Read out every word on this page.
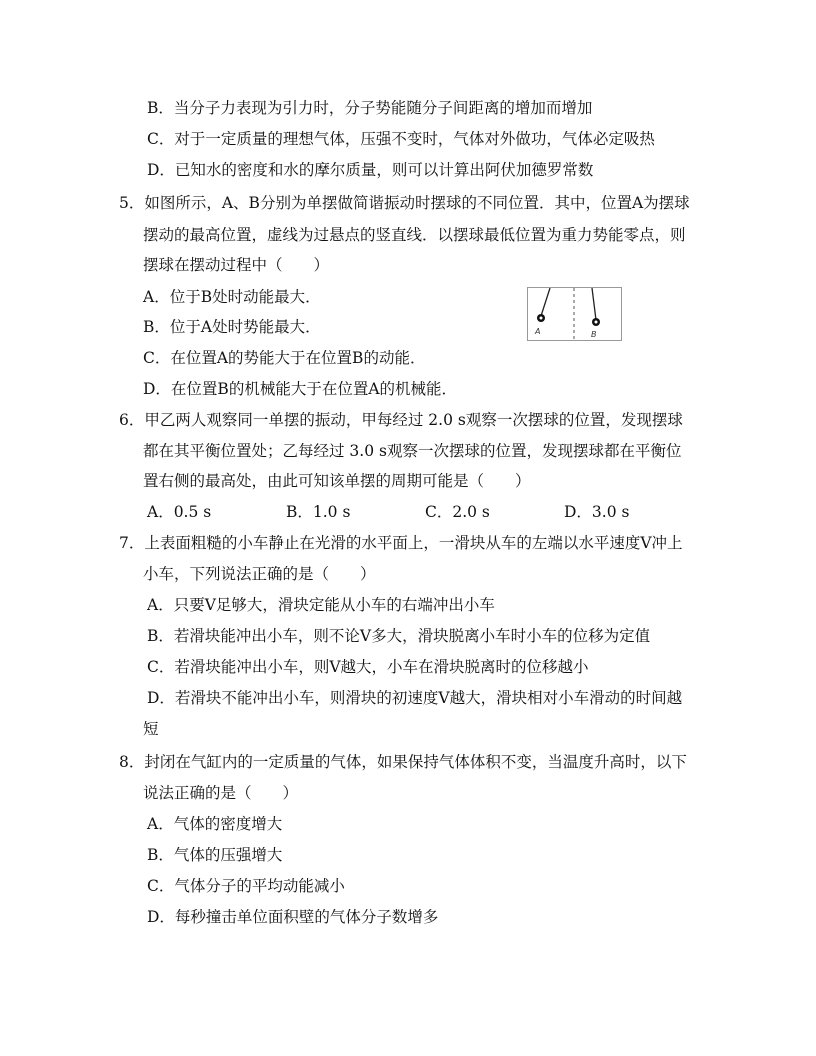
B．当分子力表现为引力时，分子势能随分子间距离的增加而增加
C．对于一定质量的理想气体，压强不变时，气体对外做功，气体必定吸热
D．已知水的密度和水的摩尔质量，则可以计算出阿伏加德罗常数
5．如图所示，A、B分别为单摆做简谐振动时摆球的不同位置．其中，位置A为摆球
摆动的最高位置，虚线为过悬点的竖直线．以摆球最低位置为重力势能零点，则
摆球在摆动过程中（　　）
A．位于B处时动能最大．
B．位于A处时势能最大．
C．在位置A的势能大于在位置B的动能．
D．在位置B的机械能大于在位置A的机械能．
A	B
6．甲乙两人观察同一单摆的振动，甲每经过 2.0 s观察一次摆球的位置，发现摆球
都在其平衡位置处；乙每经过 3.0 s观察一次摆球的位置，发现摆球都在平衡位
置右侧的最高处，由此可知该单摆的周期可能是（　　）
A．0.5 s	B．1.0 s	C．2.0 s	D．3.0 s
7．上表面粗糙的小车静止在光滑的水平面上，一滑块从车的左端以水平速度V冲上
小车，下列说法正确的是（　　）
A．只要V足够大，滑块定能从小车的右端冲出小车
B．若滑块能冲出小车，则不论V多大，滑块脱离小车时小车的位移为定值
C．若滑块能冲出小车，则V越大，小车在滑块脱离时的位移越小
D．若滑块不能冲出小车，则滑块的初速度V越大，滑块相对小车滑动的时间越
短
8．封闭在气缸内的一定质量的气体，如果保持气体体积不变，当温度升高时，以下
说法正确的是（　　）
A．气体的密度增大
B．气体的压强增大
C．气体分子的平均动能减小
D．每秒撞击单位面积壁的气体分子数增多
